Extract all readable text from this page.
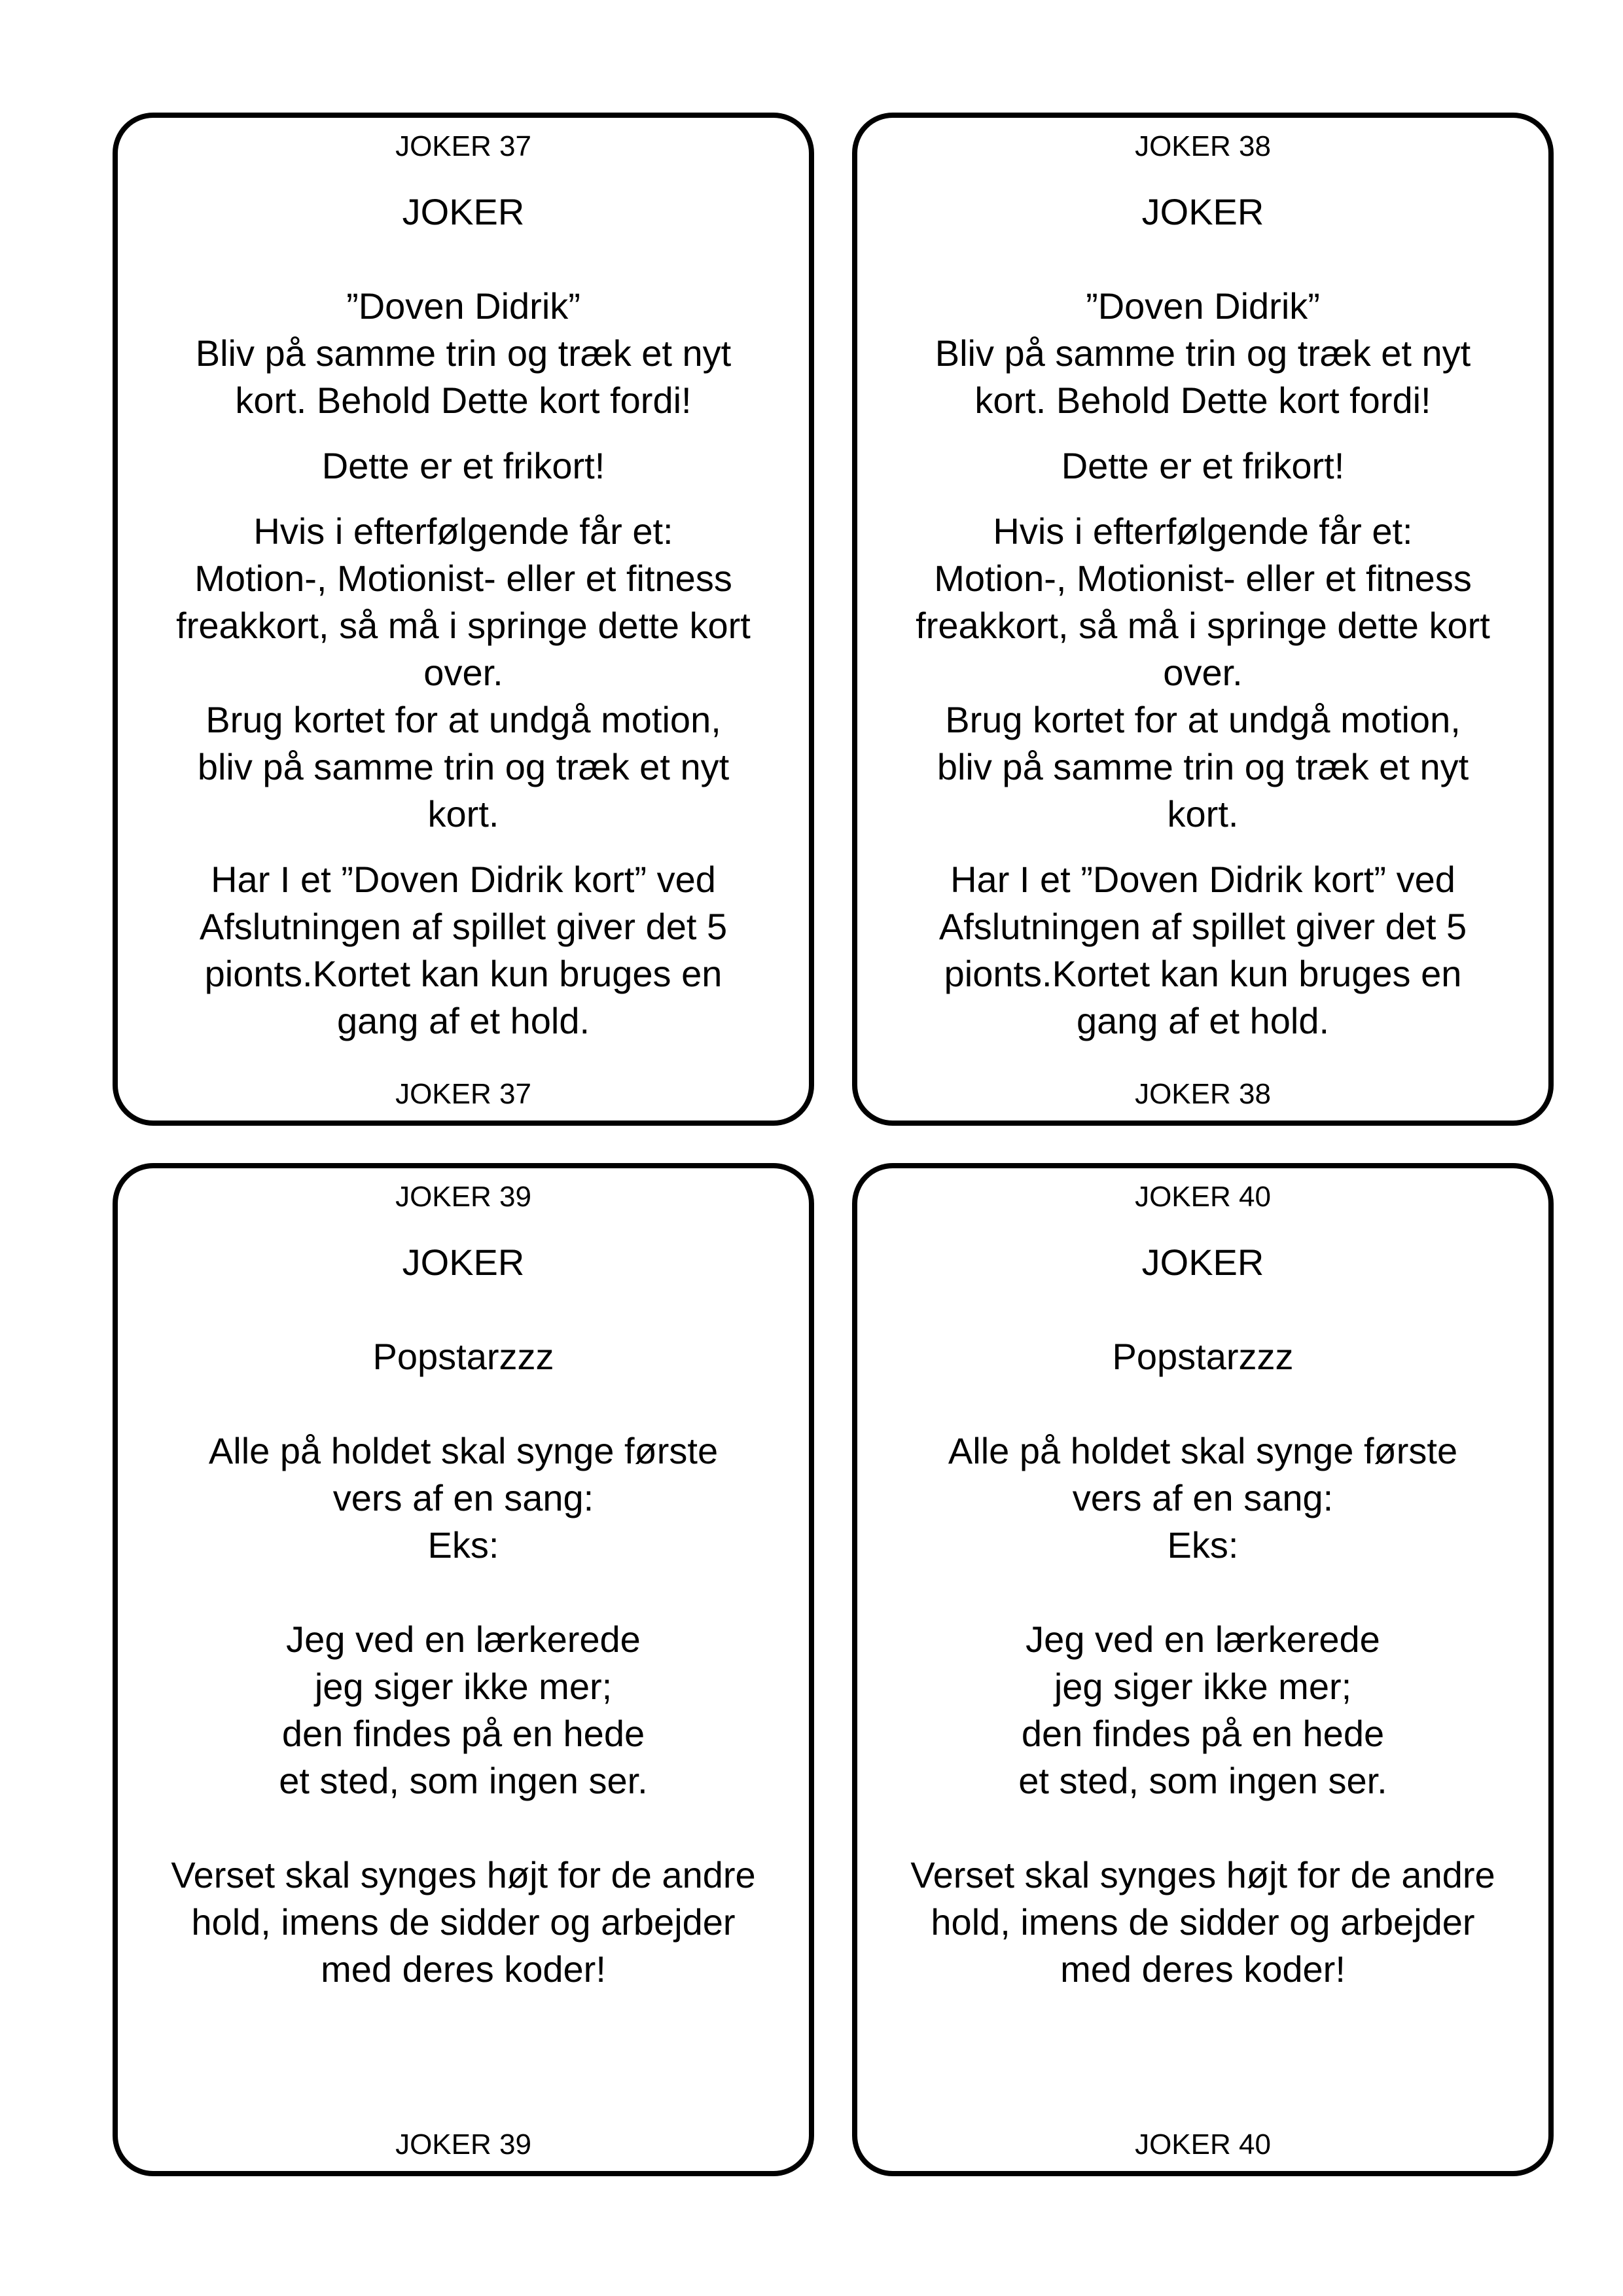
JOKER 37
JOKER
”Doven Didrik”
Bliv på samme trin og træk et nyt
kort. Behold Dette kort fordi!
Dette er et frikort!
Hvis i efterfølgende får et:
Motion-, Motionist- eller et fitness
freakkort, så må i springe dette kort
over.
Brug kortet for at undgå motion,
bliv på samme trin og træk et nyt
kort.
Har I et ”Doven Didrik kort” ved
Afslutningen af spillet giver det 5
pionts.Kortet kan kun bruges en
gang af et hold.
JOKER 37
JOKER 38
JOKER
”Doven Didrik”
Bliv på samme trin og træk et nyt
kort. Behold Dette kort fordi!
Dette er et frikort!
Hvis i efterfølgende får et:
Motion-, Motionist- eller et fitness
freakkort, så må i springe dette kort
over.
Brug kortet for at undgå motion,
bliv på samme trin og træk et nyt
kort.
Har I et ”Doven Didrik kort” ved
Afslutningen af spillet giver det 5
pionts.Kortet kan kun bruges en
gang af et hold.
JOKER 38
JOKER 39
JOKER
Popstarzzz
Alle på holdet skal synge første
vers af en sang:
Eks:
Jeg ved en lærkerede
jeg siger ikke mer;
den findes på en hede
et sted, som ingen ser.
Verset skal synges højt for de andre
hold, imens de sidder og arbejder
med deres koder!
JOKER 39
JOKER 40
JOKER
Popstarzzz
Alle på holdet skal synge første
vers af en sang:
Eks:
Jeg ved en lærkerede
jeg siger ikke mer;
den findes på en hede
et sted, som ingen ser.
Verset skal synges højt for de andre
hold, imens de sidder og arbejder
med deres koder!
JOKER 40
